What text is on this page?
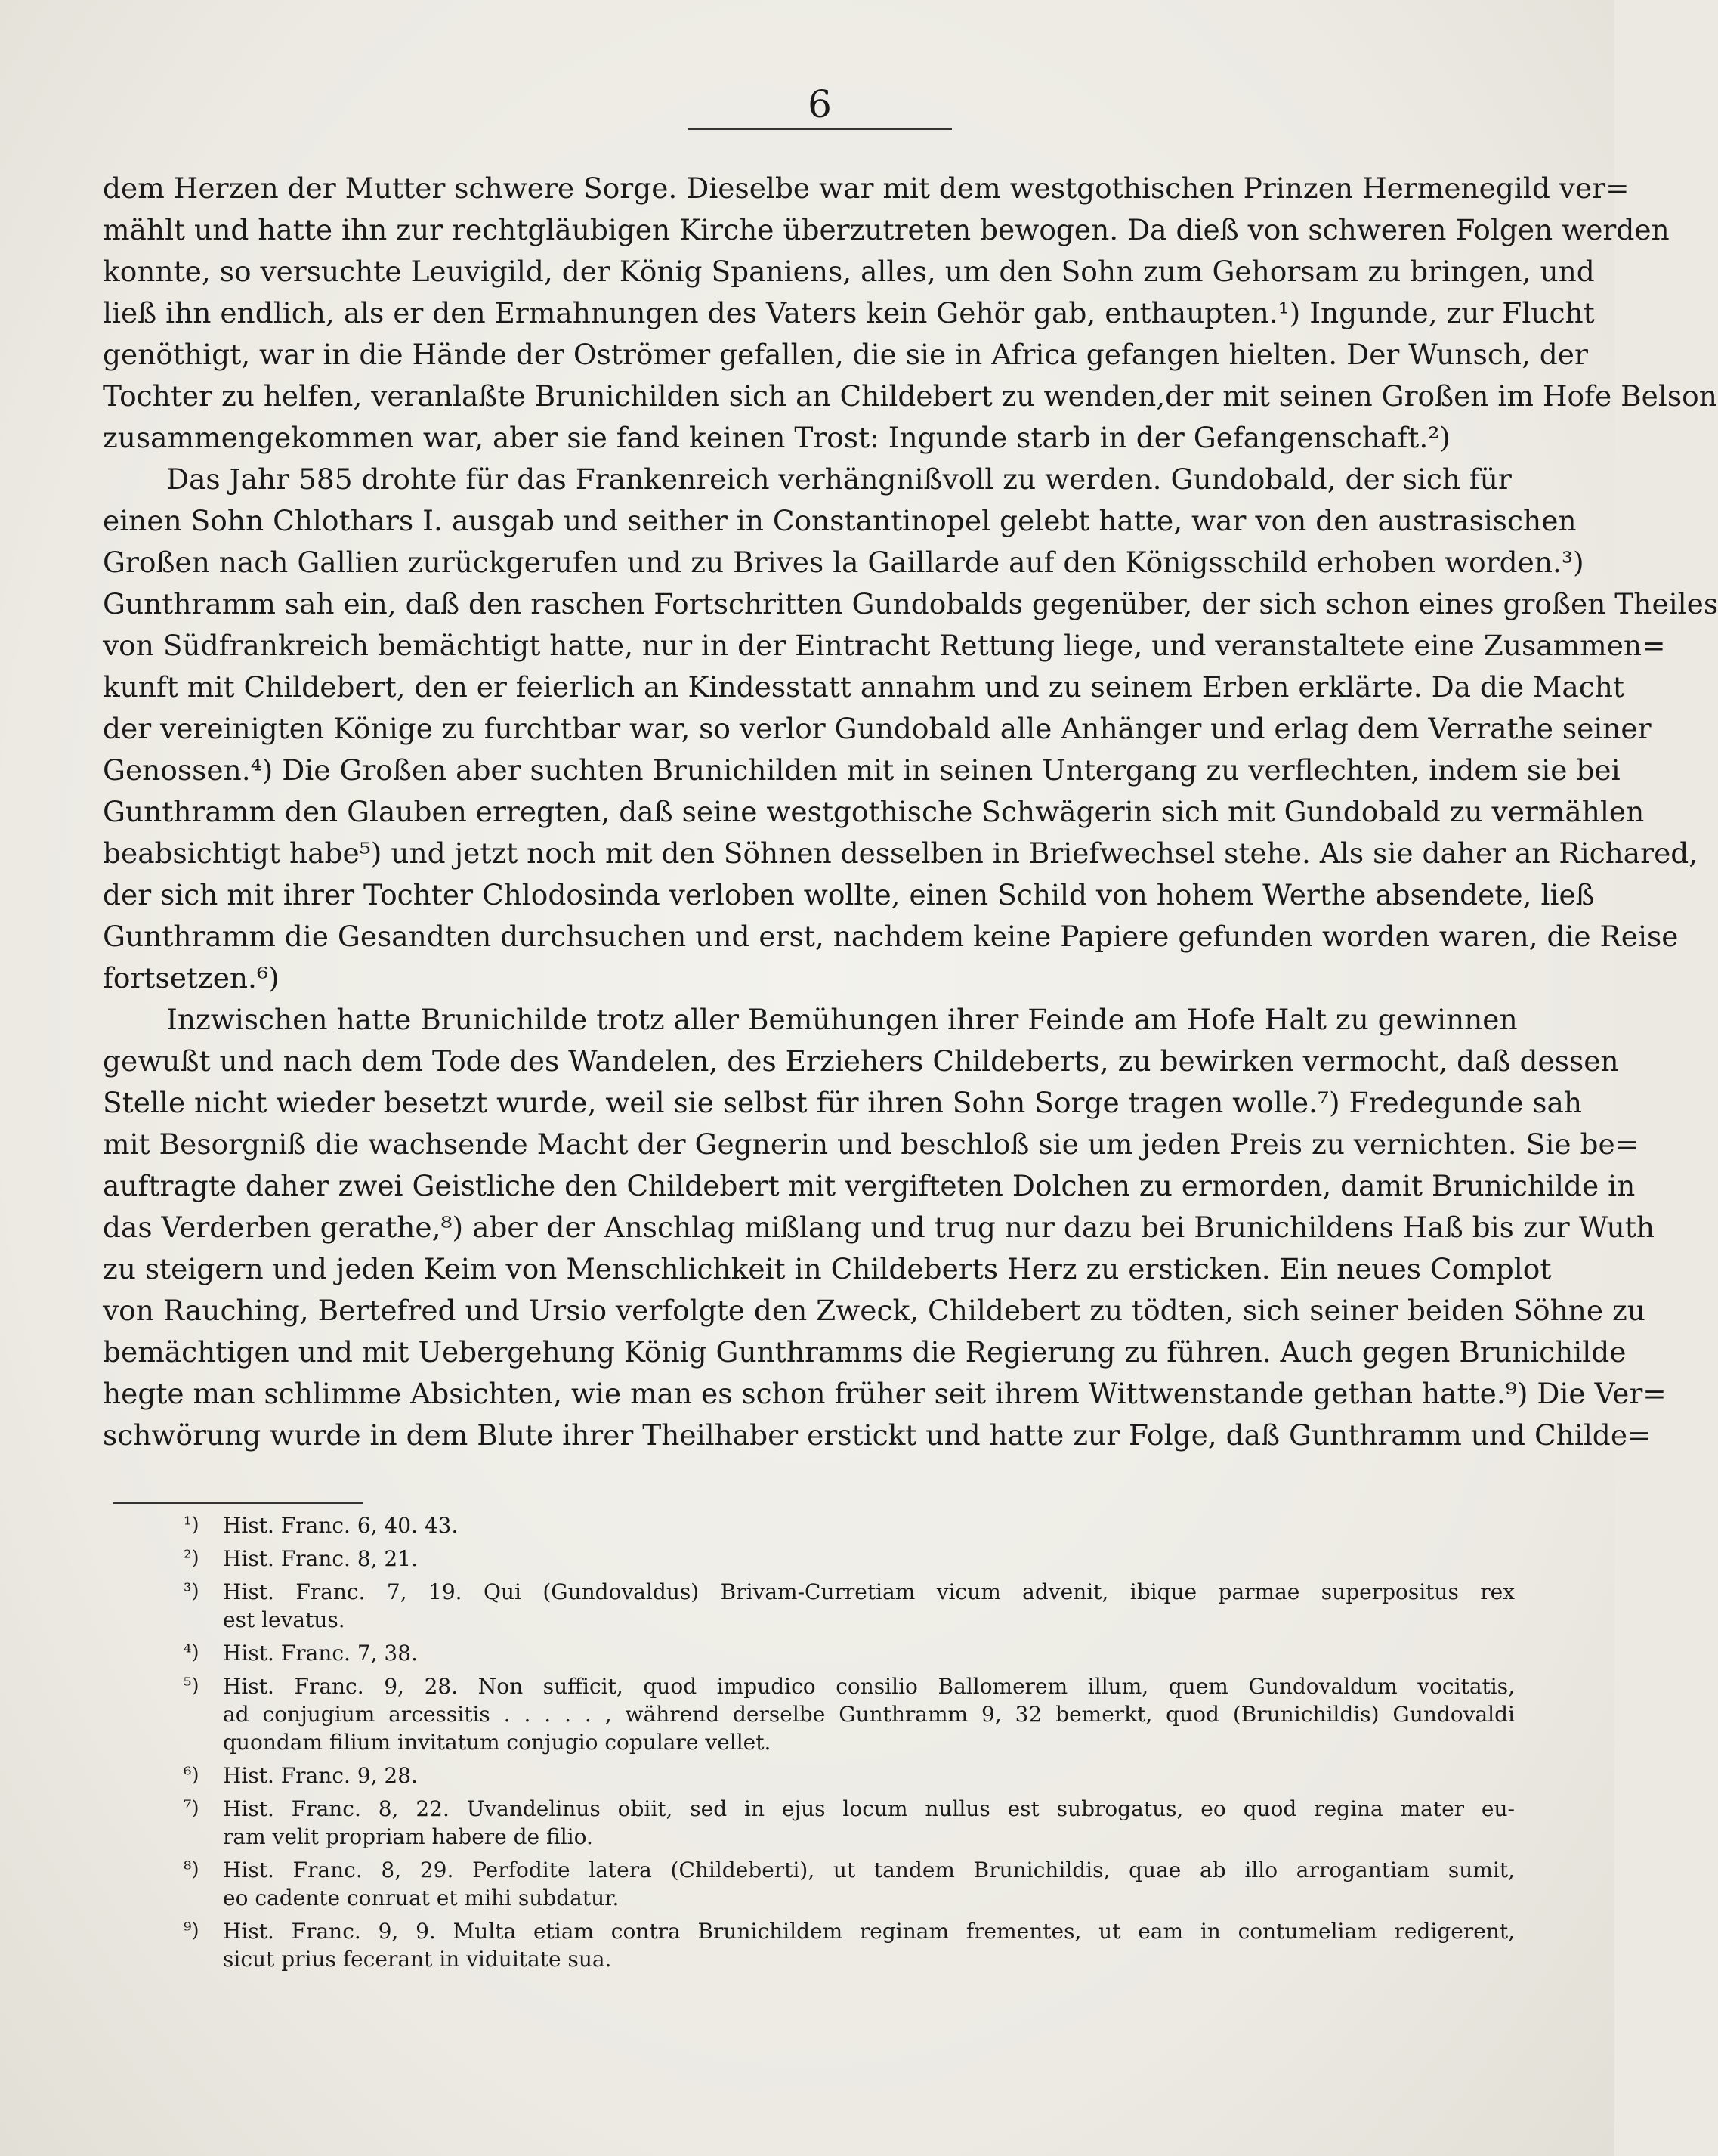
6
dem Herzen der Mutter schwere Sorge. Dieselbe war mit dem westgothischen Prinzen Hermenegild ver=
mählt und hatte ihn zur rechtgläubigen Kirche überzutreten bewogen. Da dieß von schweren Folgen werden
konnte, so versuchte Leuvigild, der König Spaniens, alles, um den Sohn zum Gehorsam zu bringen, und
ließ ihn endlich, als er den Ermahnungen des Vaters kein Gehör gab, enthaupten.¹) Ingunde, zur Flucht
genöthigt, war in die Hände der Oströmer gefallen, die sie in Africa gefangen hielten. Der Wunsch, der
Tochter zu helfen, veranlaßte Brunichilden sich an Childebert zu wenden,der mit seinen Großen im Hofe Belson
zusammengekommen war, aber sie fand keinen Trost: Ingunde starb in der Gefangenschaft.²)
Das Jahr 585 drohte für das Frankenreich verhängnißvoll zu werden. Gundobald, der sich für
einen Sohn Chlothars I. ausgab und seither in Constantinopel gelebt hatte, war von den austrasischen
Großen nach Gallien zurückgerufen und zu Brives la Gaillarde auf den Königsschild erhoben worden.³)
Gunthramm sah ein, daß den raschen Fortschritten Gundobalds gegenüber, der sich schon eines großen Theiles
von Südfrankreich bemächtigt hatte, nur in der Eintracht Rettung liege, und veranstaltete eine Zusammen=
kunft mit Childebert, den er feierlich an Kindesstatt annahm und zu seinem Erben erklärte. Da die Macht
der vereinigten Könige zu furchtbar war, so verlor Gundobald alle Anhänger und erlag dem Verrathe seiner
Genossen.⁴) Die Großen aber suchten Brunichilden mit in seinen Untergang zu verflechten, indem sie bei
Gunthramm den Glauben erregten, daß seine westgothische Schwägerin sich mit Gundobald zu vermählen
beabsichtigt habe⁵) und jetzt noch mit den Söhnen desselben in Briefwechsel stehe. Als sie daher an Richared,
der sich mit ihrer Tochter Chlodosinda verloben wollte, einen Schild von hohem Werthe absendete, ließ
Gunthramm die Gesandten durchsuchen und erst, nachdem keine Papiere gefunden worden waren, die Reise
fortsetzen.⁶)
Inzwischen hatte Brunichilde trotz aller Bemühungen ihrer Feinde am Hofe Halt zu gewinnen
gewußt und nach dem Tode des Wandelen, des Erziehers Childeberts, zu bewirken vermocht, daß dessen
Stelle nicht wieder besetzt wurde, weil sie selbst für ihren Sohn Sorge tragen wolle.⁷) Fredegunde sah
mit Besorgniß die wachsende Macht der Gegnerin und beschloß sie um jeden Preis zu vernichten. Sie be=
auftragte daher zwei Geistliche den Childebert mit vergifteten Dolchen zu ermorden, damit Brunichilde in
das Verderben gerathe,⁸) aber der Anschlag mißlang und trug nur dazu bei Brunichildens Haß bis zur Wuth
zu steigern und jeden Keim von Menschlichkeit in Childeberts Herz zu ersticken. Ein neues Complot
von Rauching, Bertefred und Ursio verfolgte den Zweck, Childebert zu tödten, sich seiner beiden Söhne zu
bemächtigen und mit Uebergehung König Gunthramms die Regierung zu führen. Auch gegen Brunichilde
hegte man schlimme Absichten, wie man es schon früher seit ihrem Wittwenstande gethan hatte.⁹) Die Ver=
schwörung wurde in dem Blute ihrer Theilhaber erstickt und hatte zur Folge, daß Gunthramm und Childe=
¹) Hist. Franc. 6, 40. 43.
²) Hist. Franc. 8, 21.
³) Hist. Franc. 7, 19. Qui (Gundovaldus) Brivam-Curretiam vicum advenit, ibique parmae superpositus rex
est levatus.
⁴) Hist. Franc. 7, 38.
⁵) Hist. Franc. 9, 28. Non sufficit, quod impudico consilio Ballomerem illum, quem Gundovaldum vocitatis,
ad conjugium arcessitis . . . . . , während derselbe Gunthramm 9, 32 bemerkt, quod (Brunichildis) Gundovaldi
quondam filium invitatum conjugio copulare vellet.
⁶) Hist. Franc. 9, 28.
⁷) Hist. Franc. 8, 22. Uvandelinus obiit, sed in ejus locum nullus est subrogatus, eo quod regina mater eu-
ram velit propriam habere de filio.
⁸) Hist. Franc. 8, 29. Perfodite latera (Childeberti), ut tandem Brunichildis, quae ab illo arrogantiam sumit,
eo cadente conruat et mihi subdatur.
⁹) Hist. Franc. 9, 9. Multa etiam contra Brunichildem reginam frementes, ut eam in contumeliam redigerent,
sicut prius fecerant in viduitate sua.
